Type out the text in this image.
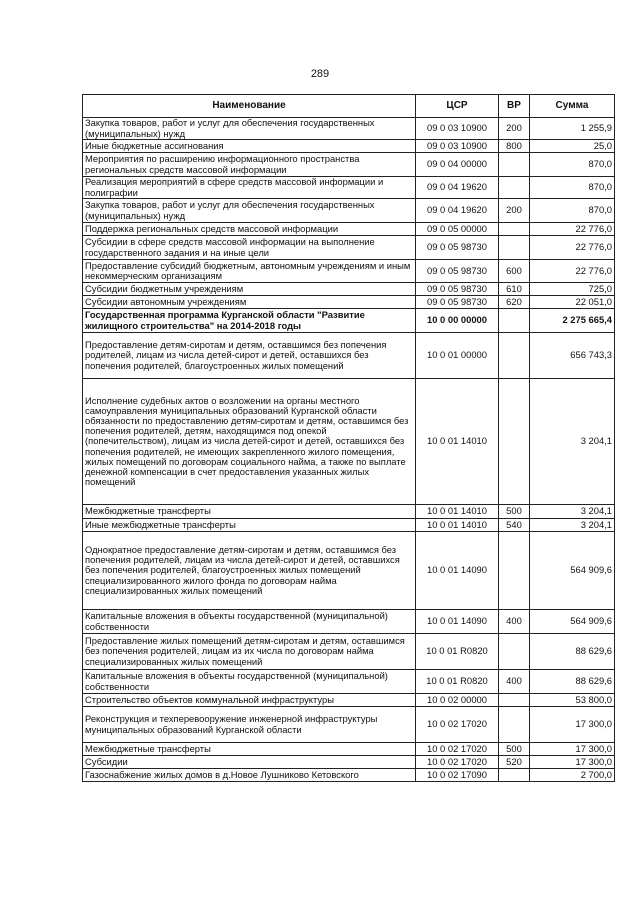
289
Наименование	ЦСР	ВР	Сумма
Закупка товаров, работ и услуг для обеспечения государственных (муниципальных) нужд	09 0 03 10900	200	1 255,9
Иные бюджетные ассигнования	09 0 03 10900	800	25,0
Мероприятия по расширению информационного пространства региональных средств массовой информации	09 0 04 00000		870,0
Реализация мероприятий в сфере средств массовой информации и полиграфии	09 0 04 19620		870,0
Закупка товаров, работ и услуг для обеспечения государственных (муниципальных) нужд	09 0 04 19620	200	870,0
Поддержка региональных средств массовой информации	09 0 05 00000		22 776,0
Субсидии в сфере средств массовой информации на выполнение государственного задания и на иные цели	09 0 05 98730		22 776,0
Предоставление субсидий бюджетным, автономным учреждениям и иным некоммерческим организациям	09 0 05 98730	600	22 776,0
Субсидии бюджетным учреждениям	09 0 05 98730	610	725,0
Субсидии автономным учреждениям	09 0 05 98730	620	22 051,0
Государственная программа Курганской области "Развитие жилищного строительства" на 2014-2018 годы	10 0 00 00000		2 275 665,4
Предоставление детям-сиротам и детям, оставшимся без попечения родителей, лицам из числа детей-сирот и детей, оставшихся без попечения родителей, благоустроенных жилых помещений	10 0 01 00000		656 743,3
Исполнение судебных актов о возложении на органы местного самоуправления муниципальных образований Курганской области обязанности по предоставлению детям-сиротам и детям, оставшимся без попечения родителей, детям, находящимся под опекой (попечительством), лицам из числа детей-сирот и детей, оставшихся без попечения родителей, не имеющих закрепленного жилого помещения, жилых помещений по договорам социального найма, а также по выплате денежной компенсации в счет предоставления указанных жилых помещений	10 0 01 14010		3 204,1
Межбюджетные трансферты	10 0 01 14010	500	3 204,1
Иные межбюджетные трансферты	10 0 01 14010	540	3 204,1
Однократное предоставление детям-сиротам и детям, оставшимся без попечения родителей, лицам из числа детей-сирот и детей, оставшихся без попечения родителей, благоустроенных жилых помещений специализированного жилого фонда по договорам найма специализированных жилых помещений	10 0 01 14090		564 909,6
Капитальные вложения в объекты государственной (муниципальной) собственности	10 0 01 14090	400	564 909,6
Предоставление жилых помещений детям-сиротам и детям, оставшимся без попечения родителей, лицам из их числа по договорам найма специализированных жилых помещений	10 0 01 R0820		88 629,6
Капитальные вложения в объекты государственной (муниципальной) собственности	10 0 01 R0820	400	88 629,6
Строительство объектов коммунальной инфраструктуры	10 0 02 00000		53 800,0
Реконструкция и техперевооружение инженерной инфраструктуры муниципальных образований Курганской области	10 0 02 17020		17 300,0
Межбюджетные трансферты	10 0 02 17020	500	17 300,0
Субсидии	10 0 02 17020	520	17 300,0
Газоснабжение жилых домов в д.Новое Лушниково Кетовского	10 0 02 17090		2 700,0
